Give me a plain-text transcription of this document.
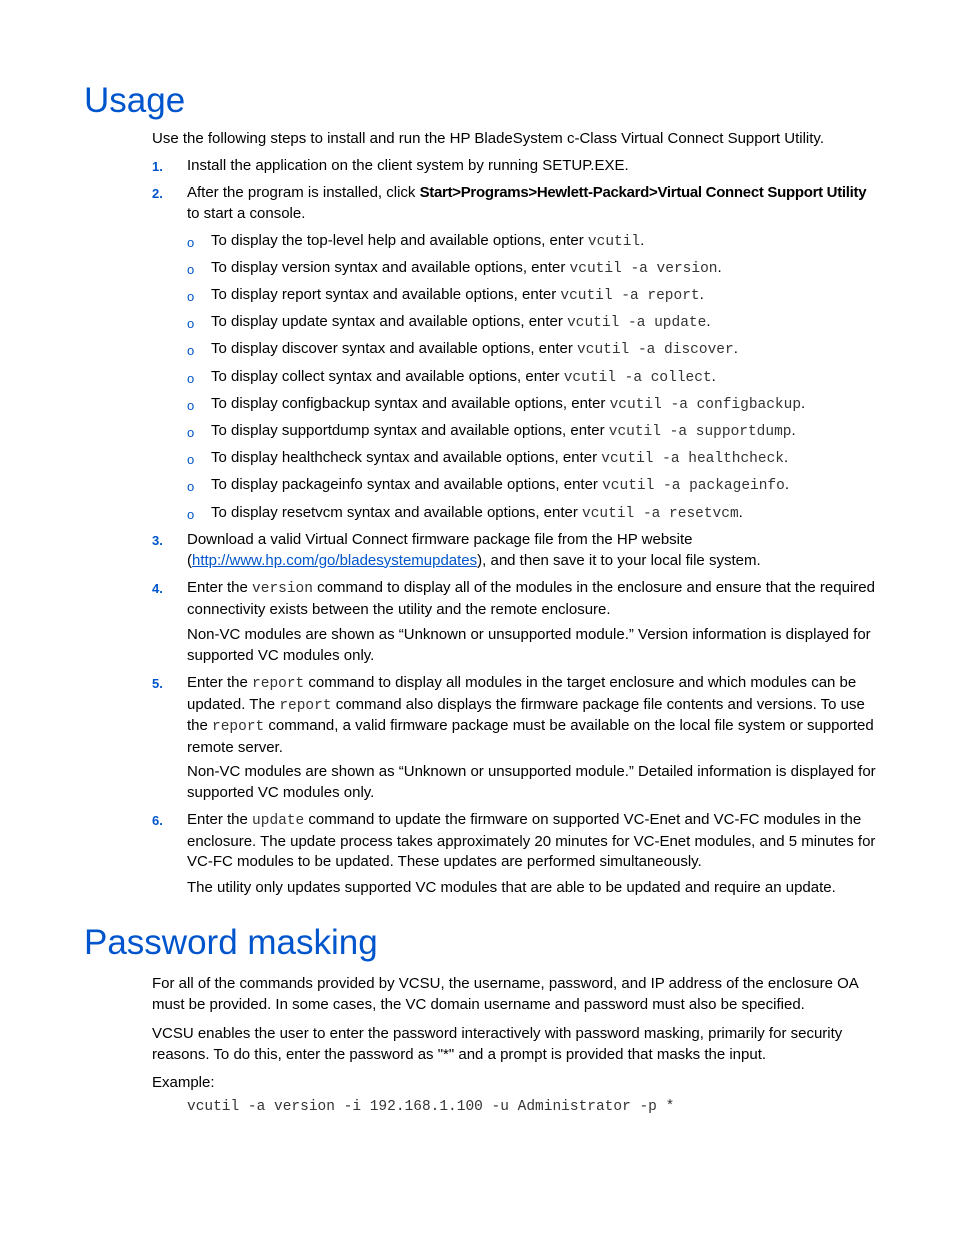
Usage
Use the following steps to install and run the HP BladeSystem c-Class Virtual Connect Support Utility.
1. Install the application on the client system by running SETUP.EXE.
2. After the program is installed, click Start>Programs>Hewlett-Packard>Virtual Connect Support Utility to start a console.
o To display the top-level help and available options, enter vcutil.
o To display version syntax and available options, enter vcutil -a version.
o To display report syntax and available options, enter vcutil -a report.
o To display update syntax and available options, enter vcutil -a update.
o To display discover syntax and available options, enter vcutil -a discover.
o To display collect syntax and available options, enter vcutil -a collect.
o To display configbackup syntax and available options, enter vcutil -a configbackup.
o To display supportdump syntax and available options, enter vcutil -a supportdump.
o To display healthcheck syntax and available options, enter vcutil -a healthcheck.
o To display packageinfo syntax and available options, enter vcutil -a packageinfo.
o To display resetvcm syntax and available options, enter vcutil -a resetvcm.
3. Download a valid Virtual Connect firmware package file from the HP website (http://www.hp.com/go/bladesystemupdates), and then save it to your local file system.
4. Enter the version command to display all of the modules in the enclosure and ensure that the required connectivity exists between the utility and the remote enclosure.
Non-VC modules are shown as “Unknown or unsupported module.” Version information is displayed for supported VC modules only.
5. Enter the report command to display all modules in the target enclosure and which modules can be updated. The report command also displays the firmware package file contents and versions. To use the report command, a valid firmware package must be available on the local file system or supported remote server.
Non-VC modules are shown as “Unknown or unsupported module.” Detailed information is displayed for supported VC modules only.
6. Enter the update command to update the firmware on supported VC-Enet and VC-FC modules in the enclosure. The update process takes approximately 20 minutes for VC-Enet modules, and 5 minutes for VC-FC modules to be updated. These updates are performed simultaneously.
The utility only updates supported VC modules that are able to be updated and require an update.
Password masking
For all of the commands provided by VCSU, the username, password, and IP address of the enclosure OA must be provided. In some cases, the VC domain username and password must also be specified.
VCSU enables the user to enter the password interactively with password masking, primarily for security reasons. To do this, enter the password as "*" and a prompt is provided that masks the input.
Example:
vcutil -a version -i 192.168.1.100 -u Administrator -p *
